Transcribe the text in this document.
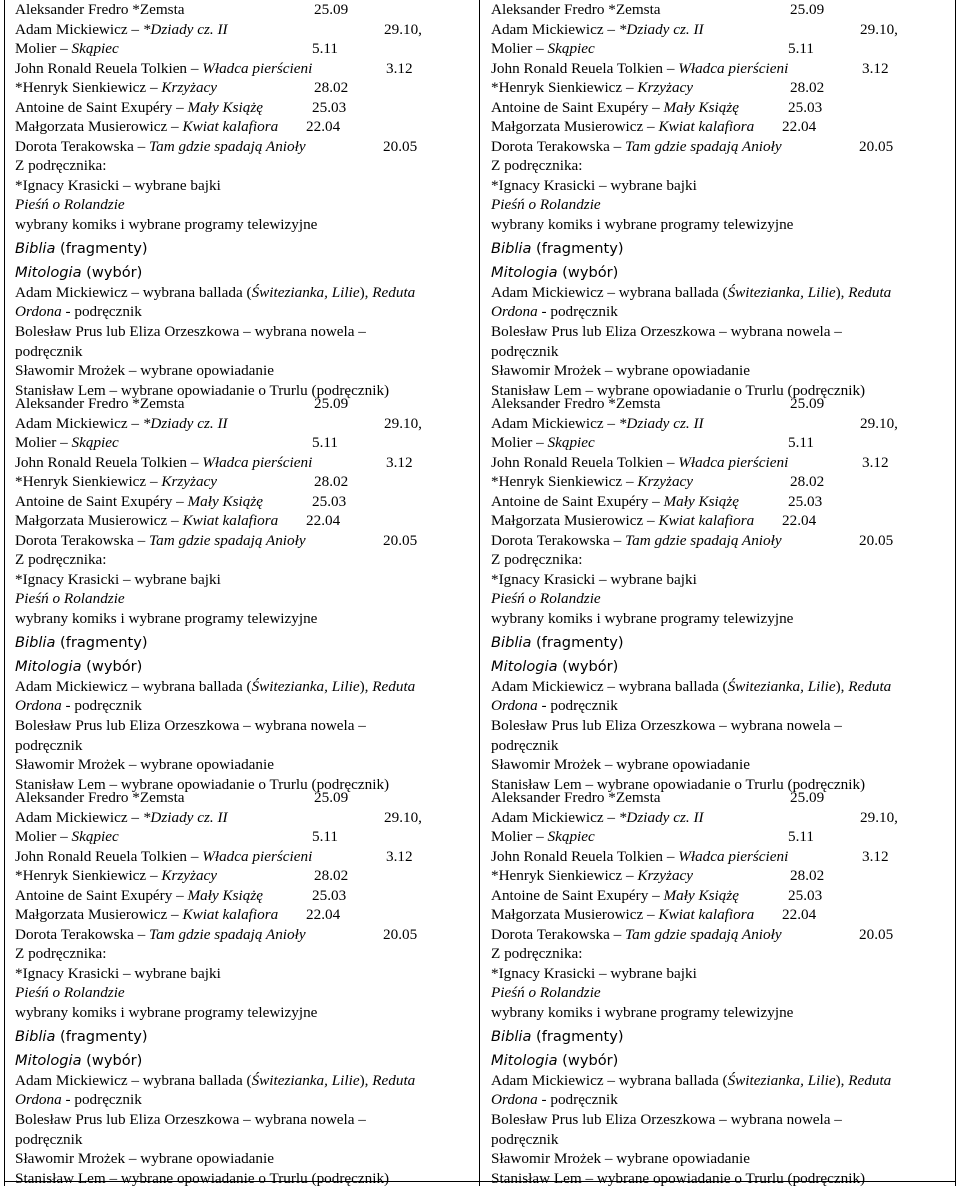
Aleksander Fredro *Zemsta	25.09
Adam Mickiewicz – *Dziady cz. II	29.10,
Molier – Skąpiec	5.11
John Ronald Reuela Tolkien – Władca pierścieni	3.12
*Henryk Sienkiewicz – Krzyżacy	28.02
Antoine de Saint Exupéry – Mały Książę	25.03
Małgorzata Musierowicz – Kwiat kalafiora 22.04
Dorota Terakowska – Tam gdzie spadają Anioły	20.05
Z podręcznika:
*Ignacy Krasicki – wybrane bajki
Pieśń o Rolandzie
wybrany komiks i wybrane programy telewizyjne
Biblia (fragmenty)
Mitologia (wybór)
Adam Mickiewicz – wybrana ballada (Świtezianka, Lilie), Reduta
Ordona - podręcznik
Bolesław Prus lub Eliza Orzeszkowa – wybrana nowela –
podręcznik
Sławomir Mrożek – wybrane opowiadanie
Stanisław Lem – wybrane opowiadanie o Trurlu (podręcznik)
Aleksander Fredro *Zemsta	25.09
Adam Mickiewicz – *Dziady cz. II	29.10,
Molier – Skąpiec	5.11
John Ronald Reuela Tolkien – Władca pierścieni	3.12
*Henryk Sienkiewicz – Krzyżacy	28.02
Antoine de Saint Exupéry – Mały Książę	25.03
Małgorzata Musierowicz – Kwiat kalafiora 22.04
Dorota Terakowska – Tam gdzie spadają Anioły	20.05
Z podręcznika:
*Ignacy Krasicki – wybrane bajki
Pieśń o Rolandzie
wybrany komiks i wybrane programy telewizyjne
Biblia (fragmenty)
Mitologia (wybór)
Adam Mickiewicz – wybrana ballada (Świtezianka, Lilie), Reduta
Ordona - podręcznik
Bolesław Prus lub Eliza Orzeszkowa – wybrana nowela –
podręcznik
Sławomir Mrożek – wybrane opowiadanie
Stanisław Lem – wybrane opowiadanie o Trurlu (podręcznik)
Aleksander Fredro *Zemsta	25.09
Adam Mickiewicz – *Dziady cz. II	29.10,
Molier – Skąpiec	5.11
John Ronald Reuela Tolkien – Władca pierścieni	3.12
*Henryk Sienkiewicz – Krzyżacy	28.02
Antoine de Saint Exupéry – Mały Książę	25.03
Małgorzata Musierowicz – Kwiat kalafiora 22.04
Dorota Terakowska – Tam gdzie spadają Anioły	20.05
Z podręcznika:
*Ignacy Krasicki – wybrane bajki
Pieśń o Rolandzie
wybrany komiks i wybrane programy telewizyjne
Biblia (fragmenty)
Mitologia (wybór)
Adam Mickiewicz – wybrana ballada (Świtezianka, Lilie), Reduta
Ordona - podręcznik
Bolesław Prus lub Eliza Orzeszkowa – wybrana nowela –
podręcznik
Sławomir Mrożek – wybrane opowiadanie
Stanisław Lem – wybrane opowiadanie o Trurlu (podręcznik)
Aleksander Fredro *Zemsta	25.09
Adam Mickiewicz – *Dziady cz. II	29.10,
Molier – Skąpiec	5.11
John Ronald Reuela Tolkien – Władca pierścieni	3.12
*Henryk Sienkiewicz – Krzyżacy	28.02
Antoine de Saint Exupéry – Mały Książę	25.03
Małgorzata Musierowicz – Kwiat kalafiora 22.04
Dorota Terakowska – Tam gdzie spadają Anioły	20.05
Z podręcznika:
*Ignacy Krasicki – wybrane bajki
Pieśń o Rolandzie
wybrany komiks i wybrane programy telewizyjne
Biblia (fragmenty)
Mitologia (wybór)
Adam Mickiewicz – wybrana ballada (Świtezianka, Lilie), Reduta
Ordona - podręcznik
Bolesław Prus lub Eliza Orzeszkowa – wybrana nowela –
podręcznik
Sławomir Mrożek – wybrane opowiadanie
Stanisław Lem – wybrane opowiadanie o Trurlu (podręcznik)
Aleksander Fredro *Zemsta	25.09
Adam Mickiewicz – *Dziady cz. II	29.10,
Molier – Skąpiec	5.11
John Ronald Reuela Tolkien – Władca pierścieni	3.12
*Henryk Sienkiewicz – Krzyżacy	28.02
Antoine de Saint Exupéry – Mały Książę	25.03
Małgorzata Musierowicz – Kwiat kalafiora 22.04
Dorota Terakowska – Tam gdzie spadają Anioły	20.05
Z podręcznika:
*Ignacy Krasicki – wybrane bajki
Pieśń o Rolandzie
wybrany komiks i wybrane programy telewizyjne
Biblia (fragmenty)
Mitologia (wybór)
Adam Mickiewicz – wybrana ballada (Świtezianka, Lilie), Reduta
Ordona - podręcznik
Bolesław Prus lub Eliza Orzeszkowa – wybrana nowela –
podręcznik
Sławomir Mrożek – wybrane opowiadanie
Stanisław Lem – wybrane opowiadanie o Trurlu (podręcznik)
Aleksander Fredro *Zemsta	25.09
Adam Mickiewicz – *Dziady cz. II	29.10,
Molier – Skąpiec	5.11
John Ronald Reuela Tolkien – Władca pierścieni	3.12
*Henryk Sienkiewicz – Krzyżacy	28.02
Antoine de Saint Exupéry – Mały Książę	25.03
Małgorzata Musierowicz – Kwiat kalafiora 22.04
Dorota Terakowska – Tam gdzie spadają Anioły	20.05
Z podręcznika:
*Ignacy Krasicki – wybrane bajki
Pieśń o Rolandzie
wybrany komiks i wybrane programy telewizyjne
Biblia (fragmenty)
Mitologia (wybór)
Adam Mickiewicz – wybrana ballada (Świtezianka, Lilie), Reduta
Ordona - podręcznik
Bolesław Prus lub Eliza Orzeszkowa – wybrana nowela –
podręcznik
Sławomir Mrożek – wybrane opowiadanie
Stanisław Lem – wybrane opowiadanie o Trurlu (podręcznik)
